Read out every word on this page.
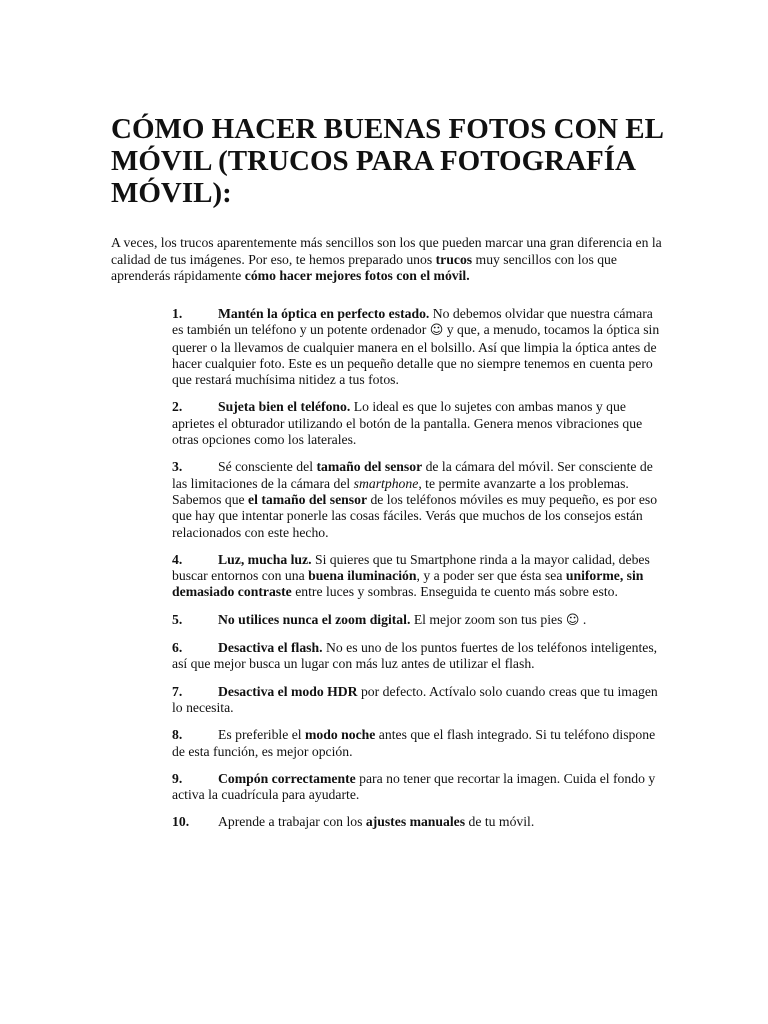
CÓMO HACER BUENAS FOTOS CON EL MÓVIL (TRUCOS PARA FOTOGRAFÍA MÓVIL):

A veces, los trucos aparentemente más sencillos son los que pueden marcar una gran diferencia en la calidad de tus imágenes. Por eso, te hemos preparado unos trucos muy sencillos con los que aprenderás rápidamente cómo hacer mejores fotos con el móvil.

1.	Mantén la óptica en perfecto estado. No debemos olvidar que nuestra cámara es también un teléfono y un potente ordenador ☺ y que, a menudo, tocamos la óptica sin querer o la llevamos de cualquier manera en el bolsillo. Así que limpia la óptica antes de hacer cualquier foto. Este es un pequeño detalle que no siempre tenemos en cuenta pero que restará muchísima nitidez a tus fotos.
2.	Sujeta bien el teléfono. Lo ideal es que lo sujetes con ambas manos y que aprietes el obturador utilizando el botón de la pantalla. Genera menos vibraciones que otras opciones como los laterales.
3.	Sé consciente del tamaño del sensor de la cámara del móvil. Ser consciente de las limitaciones de la cámara del smartphone, te permite avanzarte a los problemas. Sabemos que el tamaño del sensor de los teléfonos móviles es muy pequeño, es por eso que hay que intentar ponerle las cosas fáciles. Verás que muchos de los consejos están relacionados con este hecho.
4.	Luz, mucha luz. Si quieres que tu Smartphone rinda a la mayor calidad, debes buscar entornos con una buena iluminación, y a poder ser que ésta sea uniforme, sin demasiado contraste entre luces y sombras. Enseguida te cuento más sobre esto.
5.	No utilices nunca el zoom digital. El mejor zoom son tus pies ☺ .
6.	Desactiva el flash. No es uno de los puntos fuertes de los teléfonos inteligentes, así que mejor busca un lugar con más luz antes de utilizar el flash.
7.	Desactiva el modo HDR por defecto. Actívalo solo cuando creas que tu imagen lo necesita.
8.	Es preferible el modo noche antes que el flash integrado. Si tu teléfono dispone de esta función, es mejor opción.
9.	Compón correctamente para no tener que recortar la imagen. Cuida el fondo y activa la cuadrícula para ayudarte.
10. Aprende a trabajar con los ajustes manuales de tu móvil.
